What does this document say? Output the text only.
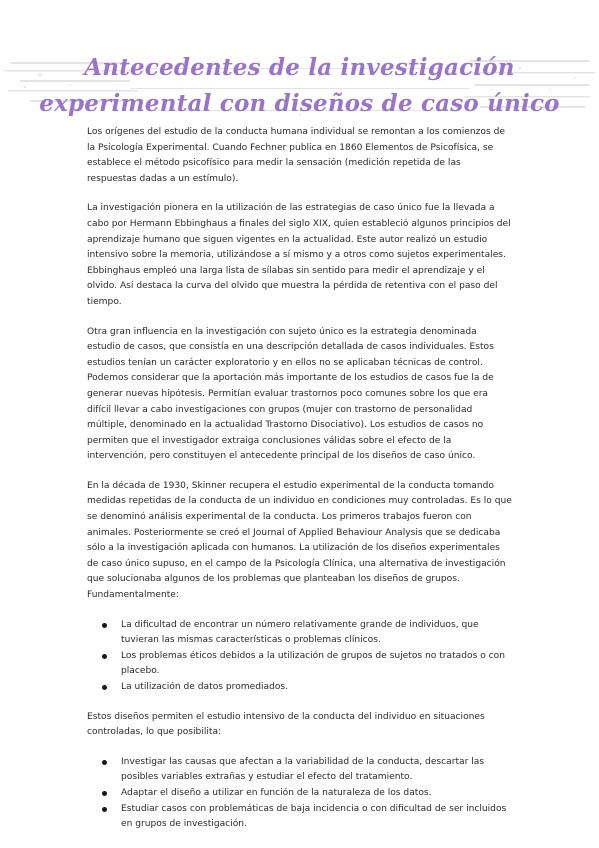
Antecedentes de la investigación
experimental con diseños de caso único

Los orígenes del estudio de la conducta humana individual se remontan a los comienzos de la Psicología Experimental. Cuando Fechner publica en 1860 Elementos de Psicofísica, se establece el método psicofísico para medir la sensación (medición repetida de las respuestas dadas a un estímulo).

La investigación pionera en la utilización de las estrategias de caso único fue la llevada a cabo por Hermann Ebbinghaus a finales del siglo XIX, quien estableció algunos principios del aprendizaje humano que siguen vigentes en la actualidad. Este autor realizó un estudio intensivo sobre la memoria, utilizándose a sí mismo y a otros como sujetos experimentales. Ebbinghaus empleó una larga lista de sílabas sin sentido para medir el aprendizaje y el olvido. Así destaca la curva del olvido que muestra la pérdida de retentiva con el paso del tiempo.

Otra gran influencia en la investigación con sujeto único es la estrategia denominada estudio de casos, que consistía en una descripción detallada de casos individuales. Estos estudios tenían un carácter exploratorio y en ellos no se aplicaban técnicas de control. Podemos considerar que la aportación más importante de los estudios de casos fue la de generar nuevas hipótesis. Permitían evaluar trastornos poco comunes sobre los que era difícil llevar a cabo investigaciones con grupos (mujer con trastorno de personalidad múltiple, denominado en la actualidad Trastorno Disociativo). Los estudios de casos no permiten que el investigador extraiga conclusiones válidas sobre el efecto de la intervención, pero constituyen el antecedente principal de los diseños de caso único.

En la década de 1930, Skinner recupera el estudio experimental de la conducta tomando medidas repetidas de la conducta de un individuo en condiciones muy controladas. Es lo que se denominó análisis experimental de la conducta. Los primeros trabajos fueron con animales. Posteriormente se creó el Journal of Applied Behaviour Analysis que se dedicaba sólo a la investigación aplicada con humanos. La utilización de los diseños experimentales de caso único supuso, en el campo de la Psicología Clínica, una alternativa de investigación que solucionaba algunos de los problemas que planteaban los diseños de grupos. Fundamentalmente:

La dificultad de encontrar un número relativamente grande de individuos, que tuvieran las mismas características o problemas clínicos.
Los problemas éticos debidos a la utilización de grupos de sujetos no tratados o con placebo.
La utilización de datos promediados.

Estos diseños permiten el estudio intensivo de la conducta del individuo en situaciones controladas, lo que posibilita:

Investigar las causas que afectan a la variabilidad de la conducta, descartar las posibles variables extrañas y estudiar el efecto del tratamiento.
Adaptar el diseño a utilizar en función de la naturaleza de los datos.
Estudiar casos con problemáticas de baja incidencia o con dificultad de ser incluidos en grupos de investigación.
